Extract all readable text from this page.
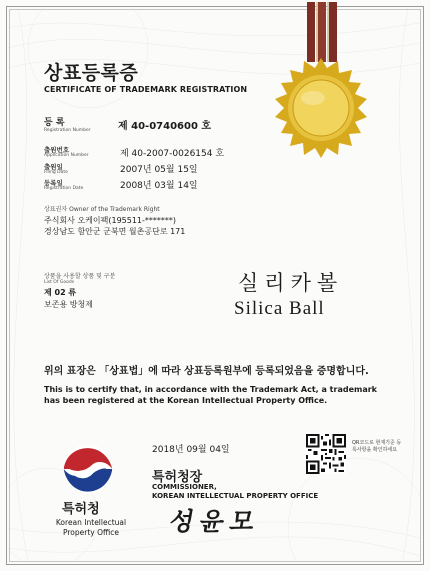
상표등록증
CERTIFICATE OF TRADEMARK REGISTRATION
등 록
Registration Number	제 40-0740600 호
출원번호
Application Number	제 40-2007-0026154 호
출원일
Filing Date	2007년 05월 15일
등록일
Registration Date	2008년 03월 14일
상표권자 Owner of the Trademark Right
주식회사 오케이팩(195511-*******)
경상남도 함안군 군북면 월촌공단로 171
상품을 사용할 상품 및 구분
List Of Goods
제 02 류
보존용 방청제
실리카볼
Silica Ball
위의 표장은 「상표법」에 따라 상표등록원부에 등록되었음을 증명합니다.
This is to certify that, in accordance with the Trademark Act, a trademark has been registered at the Korean Intellectual Property Office.
2018년 09월 04일
QR코드로 현재기준 등록사항을 확인하세요
특허청
Korean Intellectual Property Office
특허청장
COMMISSIONER,
KOREAN INTELLECTUAL PROPERTY OFFICE
성윤모
